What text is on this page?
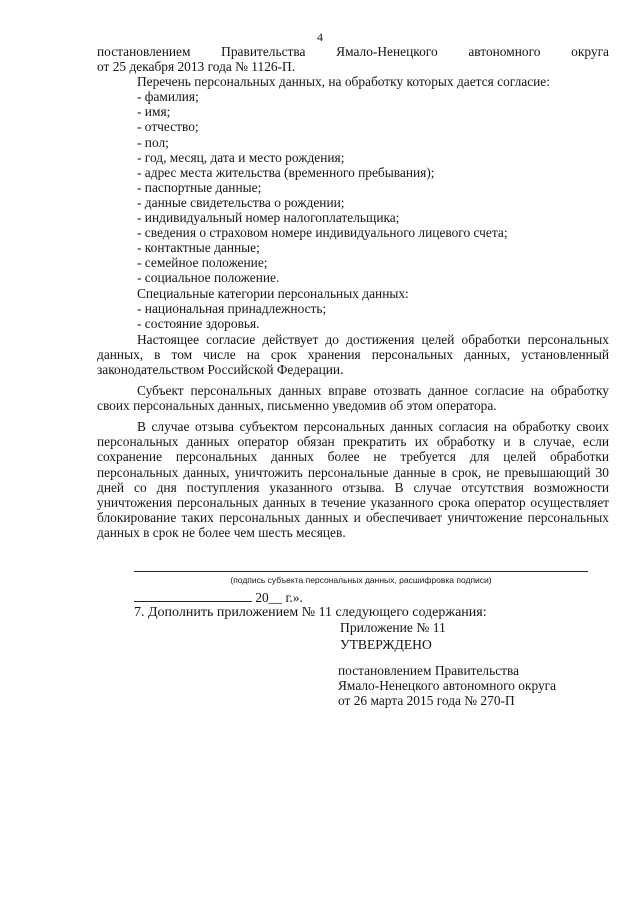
4

постановлением Правительства Ямало-Ненецкого автономного округа

от 25 декабря 2013 года № 1126-П.

Перечень персональных данных, на обработку которых дается согласие:

- фамилия;

- имя;

- отчество;

- пол;

- год, месяц, дата и место рождения;

- адрес места жительства (временного пребывания);

- паспортные данные;

- данные свидетельства о рождении;

- индивидуальный номер налогоплательщика;

- сведения о страховом номере индивидуального лицевого счета;

- контактные данные;

- семейное положение;

- социальное положение.

Специальные категории персональных данных:

- национальная принадлежность;

- состояние здоровья.

Настоящее согласие действует до достижения целей обработки персональных данных, в том числе на срок хранения персональных данных, установленный законодательством Российской Федерации.

Субъект персональных данных вправе отозвать данное согласие на обработку своих персональных данных, письменно уведомив об этом оператора.

В случае отзыва субъектом персональных данных согласия на обработку своих персональных данных оператор обязан прекратить их обработку и в случае, если сохранение персональных данных более не требуется для целей обработки персональных данных, уничтожить персональные данные в срок, не превышающий 30 дней со дня поступления указанного отзыва. В случае отсутствия возможности уничтожения персональных данных в течение указанного срока оператор осуществляет блокирование таких персональных данных и обеспечивает уничтожение персональных данных в срок не более чем шесть месяцев.

(подпись субъекта персональных данных, расшифровка подписи)
20__ г.».
7. Дополнить приложением № 11 следующего содержания:
Приложение № 11
УТВЕРЖДЕНО
постановлением Правительства
Ямало-Ненецкого автономного округа
от 26 марта 2015 года № 270-П
